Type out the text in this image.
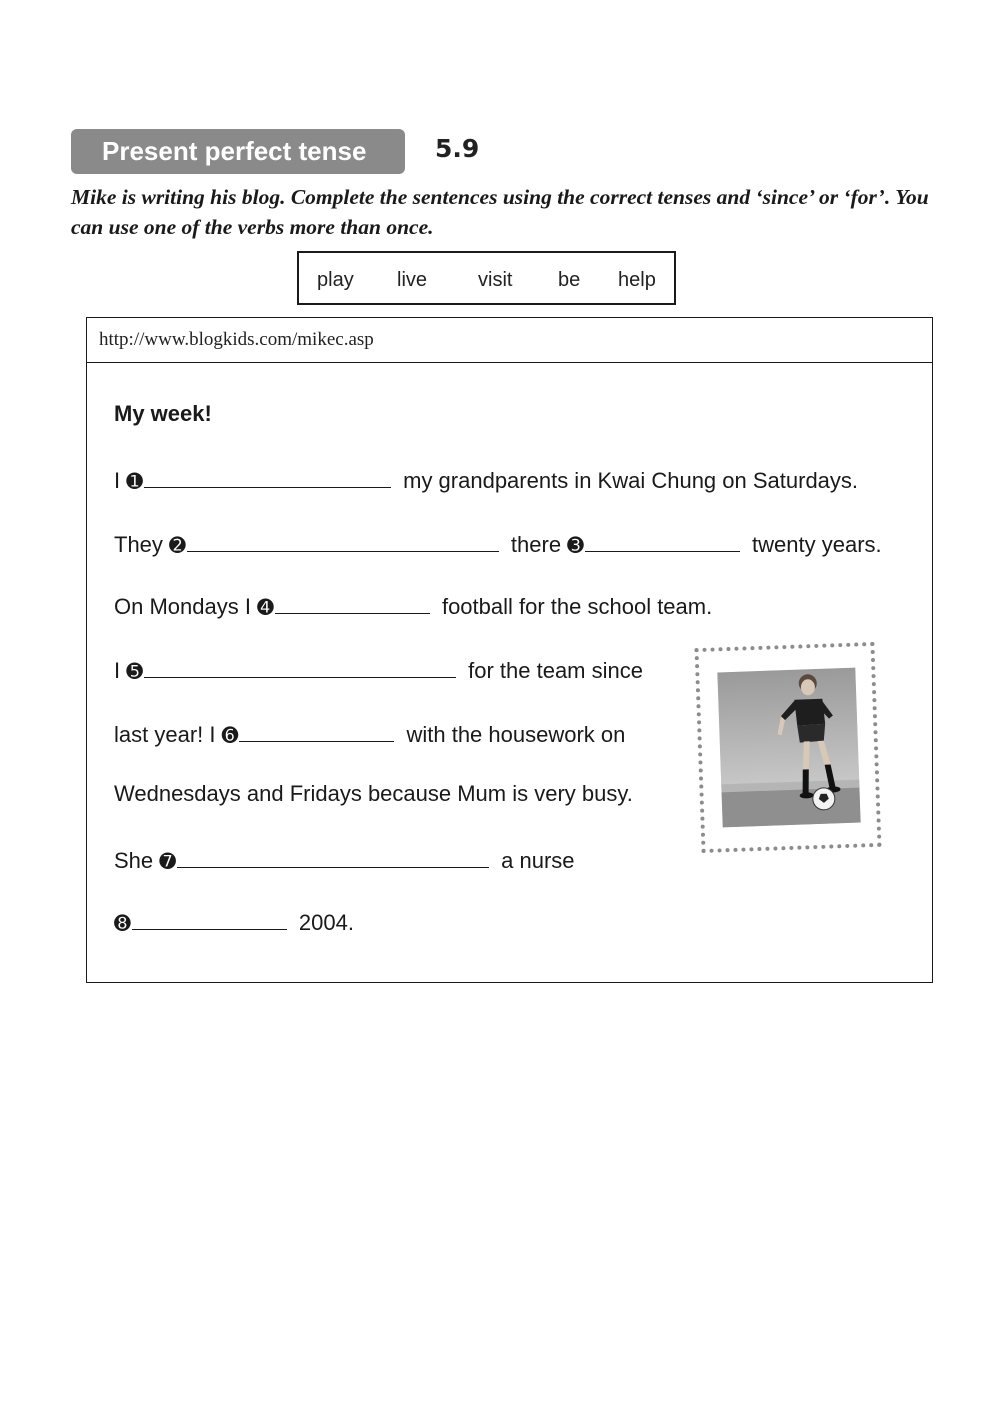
Present perfect tense	5.9
Mike is writing his blog. Complete the sentences using the correct tenses and ‘since’ or ‘for’. You can use one of the verbs more than once.
play live	visit be help
http://www.blogkids.com/mikec.asp
My week!
I ➊	my grandparents in Kwai Chung on Saturdays.
They ➋	there ➌	twenty years.
On Mondays I ➍	football for the school team.
I ➎	for the team since
last year! I ➏	with the housework on
Wednesdays and Fridays because Mum is very busy.
She ➐	a nurse
➑	2004.
